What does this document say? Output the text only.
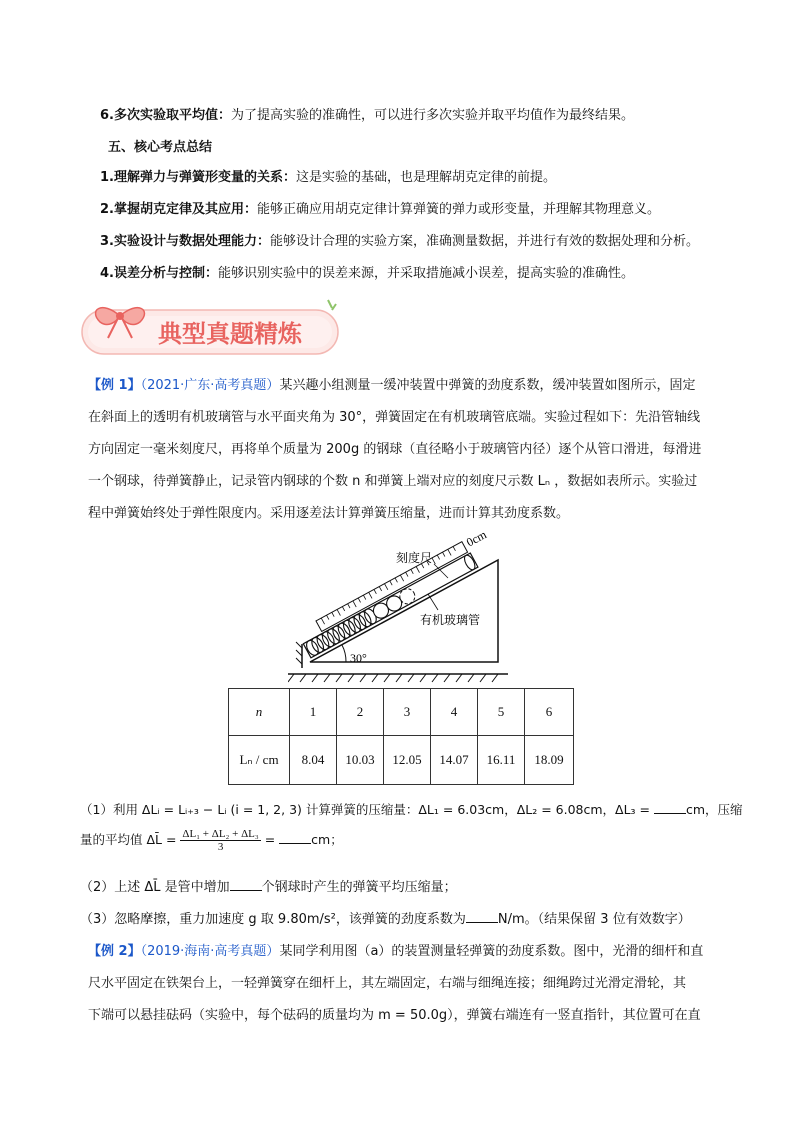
6.多次实验取平均值：为了提高实验的准确性，可以进行多次实验并取平均值作为最终结果。
五、核心考点总结
1.理解弹力与弹簧形变量的关系：这是实验的基础，也是理解胡克定律的前提。
2.掌握胡克定律及其应用：能够正确应用胡克定律计算弹簧的弹力或形变量，并理解其物理意义。
3.实验设计与数据处理能力：能够设计合理的实验方案，准确测量数据，并进行有效的数据处理和分析。
4.误差分析与控制：能够识别实验中的误差来源，并采取措施减小误差，提高实验的准确性。
典型真题精炼
【例 1】（2021·广东·高考真题）某兴趣小组测量一缓冲装置中弹簧的劲度系数，缓冲装置如图所示，固定
在斜面上的透明有机玻璃管与水平面夹角为 30°，弹簧固定在有机玻璃管底端。实验过程如下：先沿管轴线
方向固定一毫米刻度尺，再将单个质量为 200g 的钢球（直径略小于玻璃管内径）逐个从管口滑进，每滑进
一个钢球，待弹簧静止，记录管内钢球的个数 n 和弹簧上端对应的刻度尺示数 Lₙ ，数据如表所示。实验过
程中弹簧始终处于弹性限度内。采用逐差法计算弹簧压缩量，进而计算其劲度系数。
30°
刻度尺
0cm
有机玻璃管
n	1	2	3	4	5	6
Lₙ / cm	8.04	10.03	12.05	14.07	16.11	18.09
（1）利用 ΔLᵢ = Lᵢ₊₃ − Lᵢ (i = 1, 2, 3) 计算弹簧的压缩量：ΔL₁ = 6.03cm，ΔL₂ = 6.08cm，ΔL₃ =	cm，压缩
量的平均值 ΔL̄ = $\frac{\text{ΔL₁ + ΔL₂ + ΔL₃}}{3}$ =	cm；
（2）上述 ΔL̄ 是管中增加 个钢球时产生的弹簧平均压缩量；
（3）忽略摩擦，重力加速度 g 取 9.80m/s²，该弹簧的劲度系数为 N/m。（结果保留 3 位有效数字）
【例 2】（2019·海南·高考真题）某同学利用图（a）的装置测量轻弹簧的劲度系数。图中，光滑的细杆和直
尺水平固定在铁架台上，一轻弹簧穿在细杆上，其左端固定，右端与细绳连接；细绳跨过光滑定滑轮，其
下端可以悬挂砝码（实验中，每个砝码的质量均为 m = 50.0g），弹簧右端连有一竖直指针，其位置可在直
